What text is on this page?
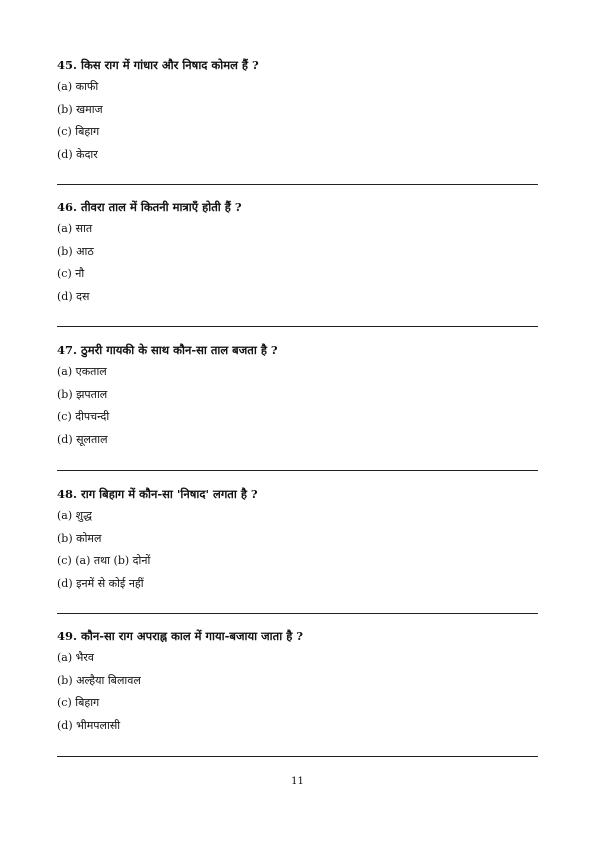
45. किस राग में गांधार और निषाद कोमल हैं ?
(a) काफी
(b) खमाज
(c) बिहाग
(d) केदार
46. तीवरा ताल में कितनी मात्राएँ होती हैं ?
(a) सात
(b) आठ
(c) नौ
(d) दस
47. ठुमरी गायकी के साथ कौन-सा ताल बजता है ?
(a) एकताल
(b) झपताल
(c) दीपचन्दी
(d) सूलताल
48. राग बिहाग में कौन-सा 'निषाद' लगता है ?
(a) शुद्ध
(b) कोमल
(c) (a) तथा (b) दोनों
(d) इनमें से कोई नहीं
49. कौन-सा राग अपराह्न काल में गाया-बजाया जाता है ?
(a) भैरव
(b) अल्हैया बिलावल
(c) बिहाग
(d) भीमपलासी
11
